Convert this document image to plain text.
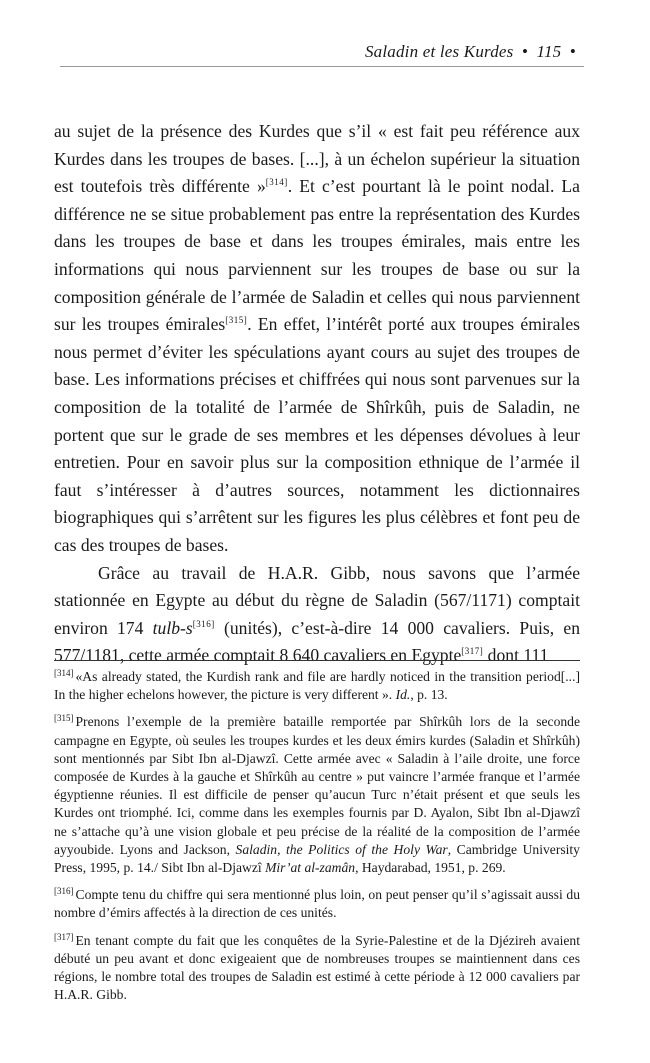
Saladin et les Kurdes • 115 •

au sujet de la présence des Kurdes que s’il « est fait peu référence aux Kurdes dans les troupes de bases. [...], à un échelon supérieur la situation est toutefois très différente »[314]. Et c’est pourtant là le point nodal. La différence ne se situe probablement pas entre la représentation des Kurdes dans les troupes de base et dans les troupes émirales, mais entre les informations qui nous parviennent sur les troupes de base ou sur la composition générale de l’armée de Saladin et celles qui nous parviennent sur les troupes émirales[315]. En effet, l’intérêt porté aux troupes émirales nous permet d’éviter les spéculations ayant cours au sujet des troupes de base. Les informations précises et chiffrées qui nous sont parvenues sur la composition de la totalité de l’armée de Shîrkûh, puis de Saladin, ne portent que sur le grade de ses membres et les dépenses dévolues à leur entretien. Pour en savoir plus sur la composition ethnique de l’armée il faut s’intéresser à d’autres sources, notamment les dictionnaires biographiques qui s’arrêtent sur les figures les plus célèbres et font peu de cas des troupes de bases.

Grâce au travail de H.A.R. Gibb, nous savons que l’armée stationnée en Egypte au début du règne de Saladin (567/1171) comptait environ 174 tulb-s[316] (unités), c’est-à-dire 14 000 cavaliers. Puis, en 577/1181, cette armée comptait 8 640 cavaliers en Egypte[317] dont 111

[314] «As already stated, the Kurdish rank and file are hardly noticed in the transition period[...] In the higher echelons however, the picture is very different ». Id., p. 13.

[315] Prenons l’exemple de la première bataille remportée par Shîrkûh lors de la seconde campagne en Egypte, où seules les troupes kurdes et les deux émirs kurdes (Saladin et Shîrkûh) sont mentionnés par Sibt Ibn al-Djawzî. Cette armée avec « Saladin à l’aile droite, une force composée de Kurdes à la gauche et Shîrkûh au centre » put vaincre l’armée franque et l’armée égyptienne réunies. Il est difficile de penser qu’aucun Turc n’était présent et que seuls les Kurdes ont triomphé. Ici, comme dans les exemples fournis par D. Ayalon, Sibt Ibn al-Djawzî ne s’attache qu’à une vision globale et peu précise de la réalité de la composition de l’armée ayyoubide. Lyons and Jackson, Saladin, the Politics of the Holy War, Cambridge University Press, 1995, p. 14./ Sibt Ibn al-Djawzî Mir’at al-zamân, Haydarabad, 1951, p. 269.

[316] Compte tenu du chiffre qui sera mentionné plus loin, on peut penser qu’il s’agissait aussi du nombre d’émirs affectés à la direction de ces unités.

[317] En tenant compte du fait que les conquêtes de la Syrie-Palestine et de la Djézireh avaient débuté un peu avant et donc exigeaient que de nombreuses troupes se maintiennent dans ces régions, le nombre total des troupes de Saladin est estimé à cette période à 12 000 cavaliers par H.A.R. Gibb.
